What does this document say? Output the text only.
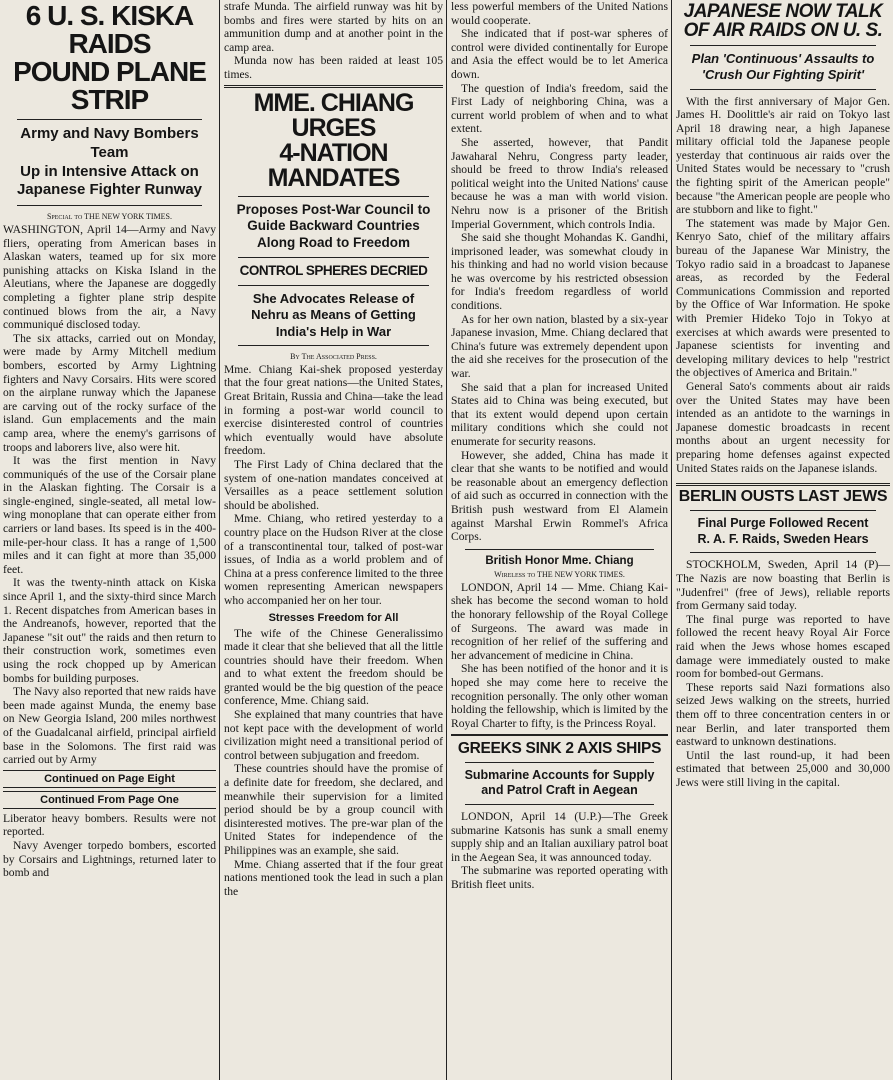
6 U. S. KISKA RAIDS
POUND PLANE STRIP
Army and Navy Bombers Team
Up in Intensive Attack on
Japanese Fighter Runway
Special to THE NEW YORK TIMES.

WASHINGTON, April 14—Army and Navy fliers, operating from American bases in Alaskan waters, teamed up for six more punishing attacks on Kiska Island in the Aleutians, where the Japanese are doggedly completing a fighter plane strip despite continued blows from the air, a Navy communiqué disclosed today.

The six attacks, carried out on Monday, were made by Army Mitchell medium bombers, escorted by Army Lightning fighters and Navy Corsairs. Hits were scored on the airplane runway which the Japanese are carving out of the rocky surface of the island. Gun emplacements and the main camp area, where the enemy's garrisons of troops and laborers live, also were hit.

It was the first mention in Navy communiqués of the use of the Corsair plane in the Alaskan fighting. The Corsair is a single-engined, single-seated, all metal low-wing monoplane that can operate either from carriers or land bases. Its speed is in the 400-mile-per-hour class. It has a range of 1,500 miles and it can fight at more than 35,000 feet.

It was the twenty-ninth attack on Kiska since April 1, and the sixty-third since March 1. Recent dispatches from American bases in the Andreanofs, however, reported that the Japanese "sit out" the raids and then return to their construction work, sometimes even using the rock chopped up by American bombs for building purposes.

The Navy also reported that new raids have been made against Munda, the enemy base on New Georgia Island, 200 miles northwest of the Guadalcanal airfield, principal airfield base in the Solomons. The first raid was carried out by Army

Continued on Page Eight
Continued From Page One

Liberator heavy bombers. Results were not reported.

Navy Avenger torpedo bombers, escorted by Corsairs and Lightnings, returned later to bomb and

strafe Munda. The airfield runway was hit by bombs and fires were started by hits on an ammunition dump and at another point in the camp area.

Munda now has been raided at least 105 times.

MME. CHIANG URGES
4-NATION MANDATES
Proposes Post-War Council to
Guide Backward Countries
Along Road to Freedom
CONTROL SPHERES DECRIED
She Advocates Release of
Nehru as Means of Getting
India's Help in War
By The Associated Press.

Mme. Chiang Kai-shek proposed yesterday that the four great nations—the United States, Great Britain, Russia and China—take the lead in forming a post-war world council to exercise disinterested control of countries which eventually would have absolute freedom.

The First Lady of China declared that the system of one-nation mandates conceived at Versailles as a peace settlement solution should be abolished.

Mme. Chiang, who retired yesterday to a country place on the Hudson River at the close of a transcontinental tour, talked of post-war issues, of India as a world problem and of China at a press conference limited to the three women representing American newspapers who accompanied her on her tour.

Stresses Freedom for All

The wife of the Chinese Generalissimo made it clear that she believed that all the little countries should have their freedom. When and to what extent the freedom should be granted would be the big question of the peace conference, Mme. Chiang said.

She explained that many countries that have not kept pace with the development of world civilization might need a transitional period of control between subjugation and freedom.

These countries should have the promise of a definite date for freedom, she declared, and meanwhile their supervision for a limited period should be by a group council with disinterested motives. The pre-war plan of the United States for independence of the Philippines was an example, she said.

Mme. Chiang asserted that if the four great nations mentioned took the lead in such a plan the

less powerful members of the United Nations would cooperate.

She indicated that if post-war spheres of control were divided continentally for Europe and Asia the effect would be to let America down.

The question of India's freedom, said the First Lady of neighboring China, was a current world problem of when and to what extent.

She asserted, however, that Pandit Jawaharal Nehru, Congress party leader, should be freed to throw India's released political weight into the United Nations' cause because he was a man with world vision. Nehru now is a prisoner of the British Imperial Government, which controls India.

She said she thought Mohandas K. Gandhi, imprisoned leader, was somewhat cloudy in his thinking and had no world vision because he was overcome by his restricted obsession for India's freedom regardless of world conditions.

As for her own nation, blasted by a six-year Japanese invasion, Mme. Chiang declared that China's future was extremely dependent upon the aid she receives for the prosecution of the war.

She said that a plan for increased United States aid to China was being executed, but that its extent would depend upon certain military conditions which she could not enumerate for security reasons.

However, she added, China has made it clear that she wants to be notified and would be reasonable about an emergency deflection of aid such as occurred in connection with the British push westward from El Alamein against Marshal Erwin Rommel's Africa Corps.

British Honor Mme. Chiang
Wireless to THE NEW YORK TIMES.

LONDON, April 14 — Mme. Chiang Kai-shek has become the second woman to hold the honorary fellowship of the Royal College of Surgeons. The award was made in recognition of her relief of the suffering and her advancement of medicine in China.

She has been notified of the honor and it is hoped she may come here to receive the recognition personally. The only other woman holding the fellowship, which is limited by the Royal Charter to fifty, is the Princess Royal.

GREEKS SINK 2 AXIS SHIPS
Submarine Accounts for Supply
and Patrol Craft in Aegean

LONDON, April 14 (U.P.)—The Greek submarine Katsonis has sunk a small enemy supply ship and an Italian auxiliary patrol boat in the Aegean Sea, it was announced today.

The submarine was reported operating with British fleet units.

JAPANESE NOW TALK
OF AIR RAIDS ON U. S.
Plan 'Continuous' Assaults to
'Crush Our Fighting Spirit'

With the first anniversary of Major Gen. James H. Doolittle's air raid on Tokyo last April 18 drawing near, a high Japanese military official told the Japanese people yesterday that continuous air raids over the United States would be necessary to "crush the fighting spirit of the American people" because "the American people are people who are stubborn and like to fight."

The statement was made by Major Gen. Kenryo Sato, chief of the military affairs bureau of the Japanese War Ministry, the Tokyo radio said in a broadcast to Japanese areas, as recorded by the Federal Communications Commission and reported by the Office of War Information. He spoke with Premier Hideko Tojo in Tokyo at exercises at which awards were presented to Japanese scientists for inventing and developing military devices to help "restrict the objectives of America and Britain."

General Sato's comments about air raids over the United States may have been intended as an antidote to the warnings in Japanese domestic broadcasts in recent months about an urgent necessity for preparing home defenses against expected United States raids on the Japanese islands.

BERLIN OUSTS LAST JEWS
Final Purge Followed Recent
R. A. F. Raids, Sweden Hears

STOCKHOLM, Sweden, April 14 (P)—The Nazis are now boasting that Berlin is "Judenfrei" (free of Jews), reliable reports from Germany said today.

The final purge was reported to have followed the recent heavy Royal Air Force raid when the Jews whose homes escaped damage were immediately ousted to make room for bombed-out Germans.

These reports said Nazi formations also seized Jews walking on the streets, hurried them off to three concentration centers in or near Berlin, and later transported them eastward to unknown destinations.

Until the last round-up, it had been estimated that between 25,000 and 30,000 Jews were still living in the capital.
